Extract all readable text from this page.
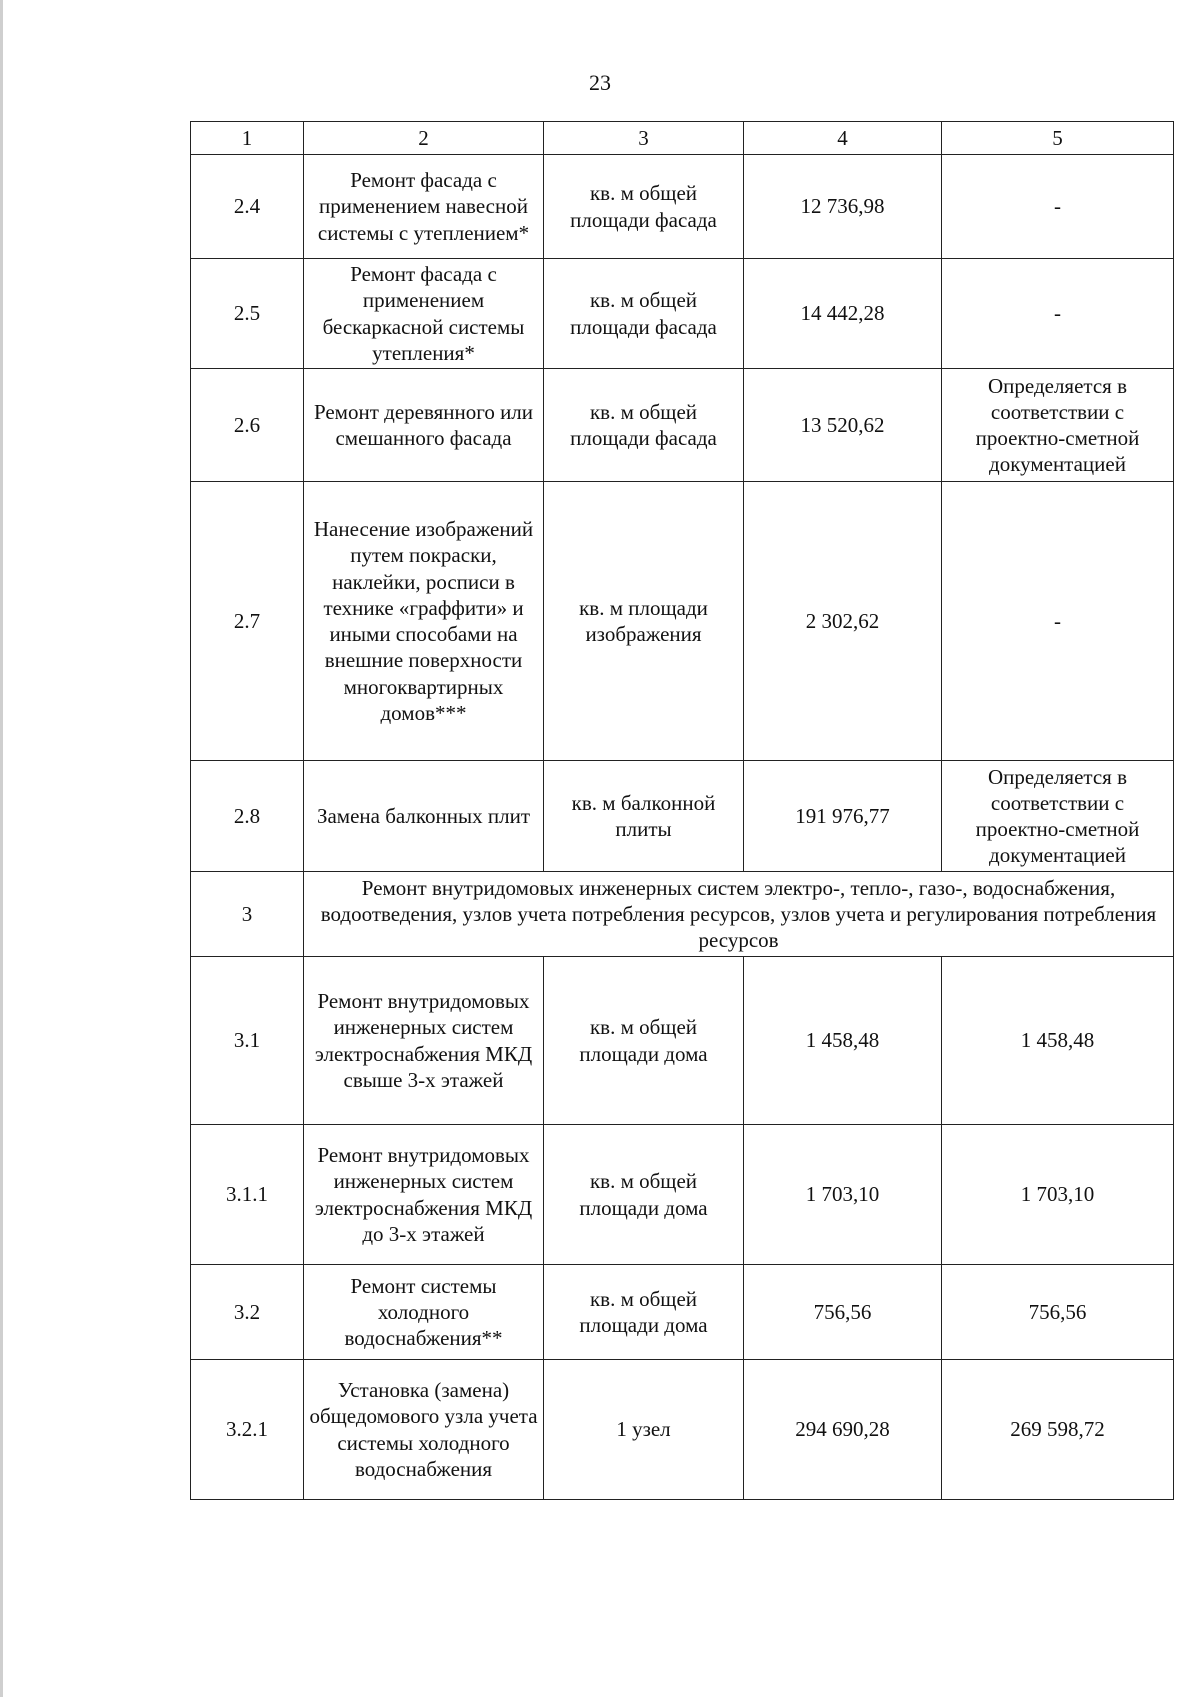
23
1	2	3	4	5
2.4	Ремонт фасада с применением навесной системы с утеплением*	кв. м общей площади фасада	12 736,98	-
2.5	Ремонт фасада с применением бескаркасной системы утепления*	кв. м общей площади фасада	14 442,28	-
2.6	Ремонт деревянного или смешанного фасада	кв. м общей площади фасада	13 520,62	Определяется в соответствии с проектно-сметной документацией
2.7	Нанесение изображений путем покраски, наклейки, росписи в технике «граффити» и иными способами на внешние поверхности многоквартирных домов***	кв. м площади изображения	2 302,62	-
2.8	Замена балконных плит	кв. м балконной плиты	191 976,77	Определяется в соответствии с проектно-сметной документацией
3	Ремонт внутридомовых инженерных систем электро-, тепло-, газо-, водоснабжения, водоотведения, узлов учета потребления ресурсов, узлов учета и регулирования потребления ресурсов			
3.1	Ремонт внутридомовых инженерных систем электроснабжения МКД свыше 3-х этажей	кв. м общей площади дома	1 458,48	1 458,48
3.1.1	Ремонт внутридомовых инженерных систем электроснабжения МКД до 3-х этажей	кв. м общей площади дома	1 703,10	1 703,10
3.2	Ремонт системы холодного водоснабжения**	кв. м общей площади дома	756,56	756,56
3.2.1	Установка (замена) общедомового узла учета системы холодного водоснабжения	1 узел	294 690,28	269 598,72
